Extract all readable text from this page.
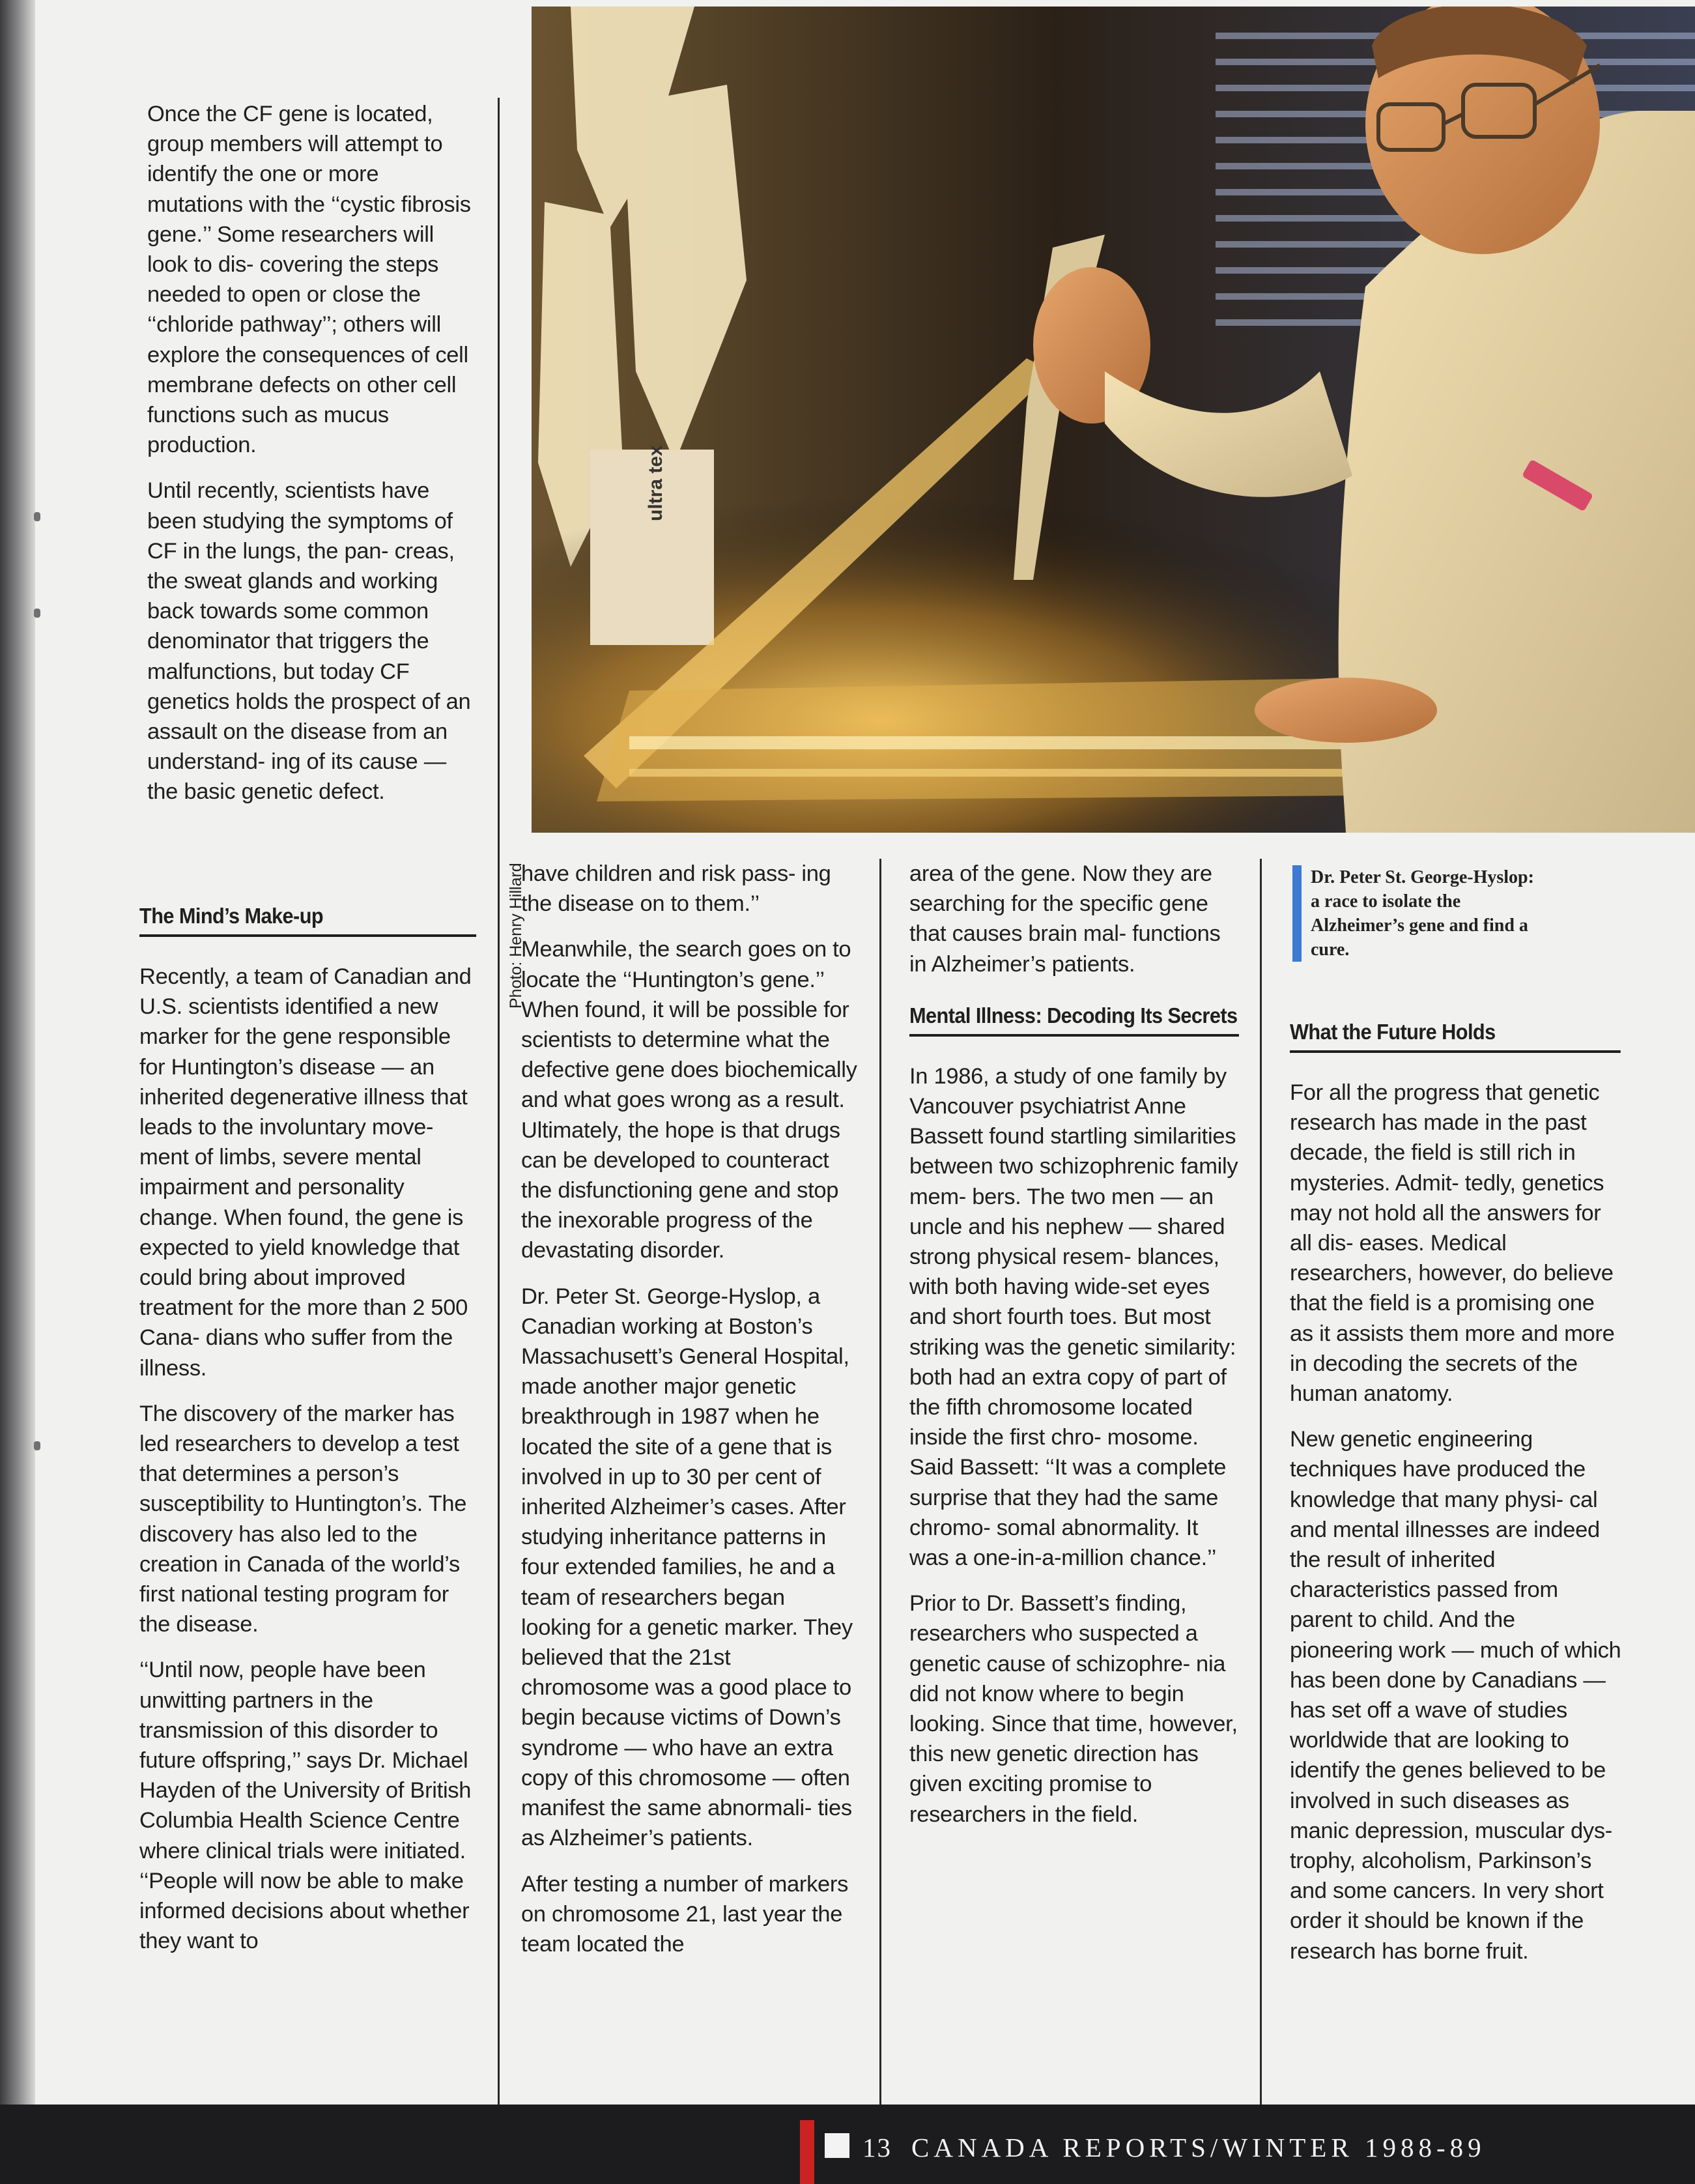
ultra tex
Photo: Henry Hillard

Once the CF gene is located, group members will attempt to identify the one or more mutations with the ‘‘cystic fibrosis gene.’’ Some researchers will look to dis- covering the steps needed to open or close the ‘‘chloride pathway’’; others will explore the consequences of cell membrane defects on other cell functions such as mucus production.

Until recently, scientists have been studying the symptoms of CF in the lungs, the pan- creas, the sweat glands and working back towards some common denominator that triggers the malfunctions, but today CF genetics holds the prospect of an assault on the disease from an understand- ing of its cause — the basic genetic defect.

The Mind’s Make-up

Recently, a team of Canadian and U.S. scientists identified a new marker for the gene responsible for Huntington’s disease — an inherited degenerative illness that leads to the involuntary move- ment of limbs, severe mental impairment and personality change. When found, the gene is expected to yield knowledge that could bring about improved treatment for the more than 2 500 Cana- dians who suffer from the illness.

The discovery of the marker has led researchers to develop a test that determines a person’s susceptibility to Huntington’s. The discovery has also led to the creation in Canada of the world’s first national testing program for the disease.

‘‘Until now, people have been unwitting partners in the transmission of this disorder to future offspring,’’ says Dr. Michael Hayden of the University of British Columbia Health Science Centre where clinical trials were initiated. ‘‘People will now be able to make informed decisions about whether they want to

have children and risk pass- ing the disease on to them.’’

Meanwhile, the search goes on to locate the ‘‘Huntington’s gene.’’ When found, it will be possible for scientists to determine what the defective gene does biochemically and what goes wrong as a result. Ultimately, the hope is that drugs can be developed to counteract the disfunctioning gene and stop the inexorable progress of the devastating disorder.

Dr. Peter St. George-Hyslop, a Canadian working at Boston’s Massachusett’s General Hospital, made another major genetic breakthrough in 1987 when he located the site of a gene that is involved in up to 30 per cent of inherited Alzheimer’s cases. After studying inheritance patterns in four extended families, he and a team of researchers began looking for a genetic marker. They believed that the 21st chromosome was a good place to begin because victims of Down’s syndrome — who have an extra copy of this chromosome — often manifest the same abnormali- ties as Alzheimer’s patients.

After testing a number of markers on chromosome 21, last year the team located the

area of the gene. Now they are searching for the specific gene that causes brain mal- functions in Alzheimer’s patients.

Mental Illness: Decoding Its Secrets

In 1986, a study of one family by Vancouver psychiatrist Anne Bassett found startling similarities between two schizophrenic family mem- bers. The two men — an uncle and his nephew — shared strong physical resem- blances, with both having wide-set eyes and short fourth toes. But most striking was the genetic similarity: both had an extra copy of part of the fifth chromosome located inside the first chro- mosome. Said Bassett: ‘‘It was a complete surprise that they had the same chromo- somal abnormality. It was a one-in-a-million chance.’’

Prior to Dr. Bassett’s finding, researchers who suspected a genetic cause of schizophre- nia did not know where to begin looking. Since that time, however, this new genetic direction has given exciting promise to researchers in the field.

Dr. Peter St. George-Hyslop: a race to isolate the Alzheimer’s gene and find a cure.
What the Future Holds

For all the progress that genetic research has made in the past decade, the field is still rich in mysteries. Admit- tedly, genetics may not hold all the answers for all dis- eases. Medical researchers, however, do believe that the field is a promising one as it assists them more and more in decoding the secrets of the human anatomy.

New genetic engineering techniques have produced the knowledge that many physi- cal and mental illnesses are indeed the result of inherited characteristics passed from parent to child. And the pioneering work — much of which has been done by Canadians — has set off a wave of studies worldwide that are looking to identify the genes believed to be involved in such diseases as manic depression, muscular dys- trophy, alcoholism, Parkinson’s and some cancers. In very short order it should be known if the research has borne fruit.

13 CANADA REPORTS/WINTER 1988-89
